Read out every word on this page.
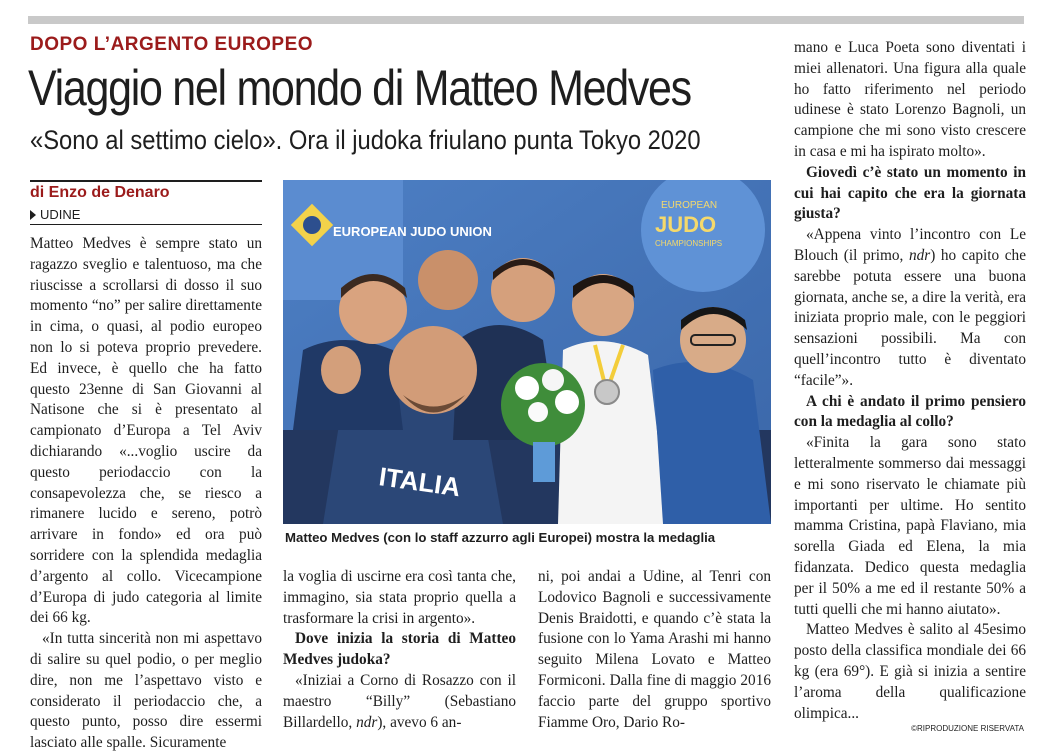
DOPO L’ARGENTO EUROPEO
Viaggio nel mondo di Matteo Medves
«Sono al settimo cielo». Ora il judoka friulano punta Tokyo 2020
di Enzo de Denaro
UDINE

Matteo Medves è sempre stato un ragazzo sveglio e talentuoso, ma che riuscisse a scrollarsi di dosso il suo momento “no” per salire direttamente in cima, o quasi, al podio europeo non lo si poteva proprio prevedere. Ed invece, è quello che ha fatto questo 23enne di San Giovanni al Natisone che si è presentato al campionato d’Europa a Tel Aviv dichiarando «...voglio uscire da questo periodaccio con la consapevolezza che, se riesco a rimanere lucido e sereno, potrò arrivare in fondo» ed ora può sorridere con la splendida medaglia d’argento al collo. Vicecampione d’Europa di judo categoria al limite dei 66 kg.

«In tutta sincerità non mi aspettavo di salire su quel podio, o per meglio dire, non me l’aspettavo visto e considerato il periodaccio che, a questo punto, posso dire essermi lasciato alle spalle. Sicuramente

EUROPEAN JUDO UNION
EUROPEAN
JUDO
CHAMPIONSHIPS
ITALIA
Matteo Medves (con lo staff azzurro agli Europei) mostra la medaglia

la voglia di uscirne era così tanta che, immagino, sia stata proprio quella a trasformare la crisi in argento».

Dove inizia la storia di Matteo Medves judoka?

«Iniziai a Corno di Rosazzo con il maestro “Billy” (Sebastiano Billardello, ndr), avevo 6 an-

ni, poi andai a Udine, al Tenri con Lodovico Bagnoli e successivamente Denis Braidotti, e quando c’è stata la fusione con lo Yama Arashi mi hanno seguito Milena Lovato e Matteo Formiconi. Dalla fine di maggio 2016 faccio parte del gruppo sportivo Fiamme Oro, Dario Ro-

mano e Luca Poeta sono diventati i miei allenatori. Una figura alla quale ho fatto riferimento nel periodo udinese è stato Lorenzo Bagnoli, un campione che mi sono visto crescere in casa e mi ha ispirato molto».

Giovedì c’è stato un momento in cui hai capito che era la giornata giusta?

«Appena vinto l’incontro con Le Blouch (il primo, ndr) ho capito che sarebbe potuta essere una buona giornata, anche se, a dire la verità, era iniziata proprio male, con le peggiori sensazioni possibili. Ma con quell’incontro tutto è diventato “facile”».

A chi è andato il primo pensiero con la medaglia al collo?

«Finita la gara sono stato letteralmente sommerso dai messaggi e mi sono riservato le chiamate più importanti per ultime. Ho sentito mamma Cristina, papà Flaviano, mia sorella Giada ed Elena, la mia fidanzata. Dedico questa medaglia per il 50% a me ed il restante 50% a tutti quelli che mi hanno aiutato».

Matteo Medves è salito al 45esimo posto della classifica mondiale dei 66 kg (era 69°). E già si inizia a sentire l’aroma della qualificazione olimpica...

©RIPRODUZIONE RISERVATA
